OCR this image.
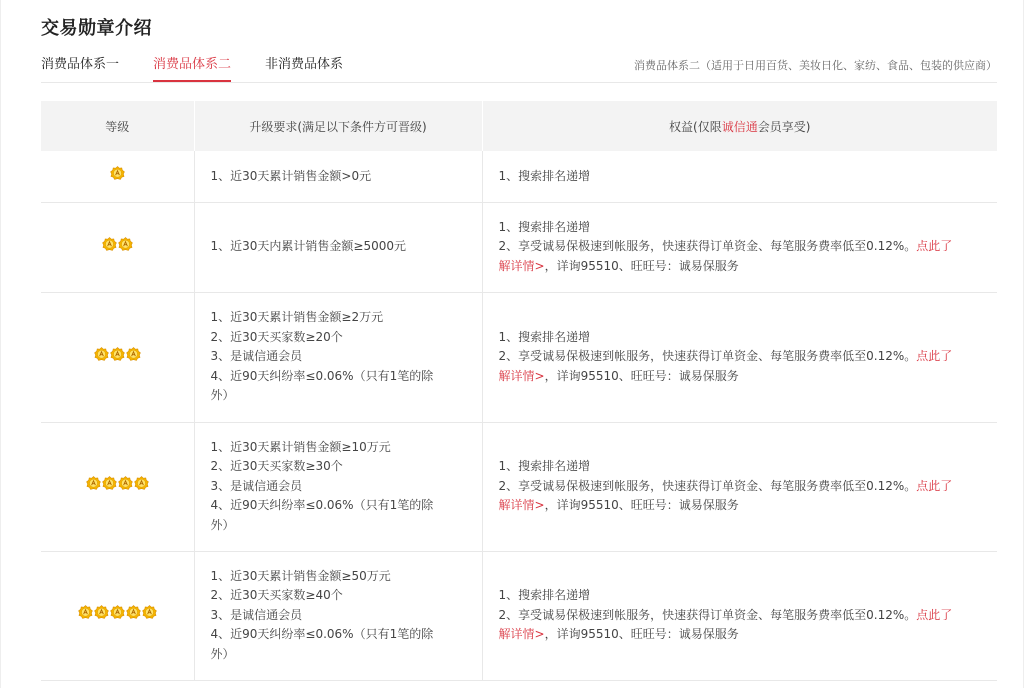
交易勋章介绍
消费品体系一	消费品体系二	非消费品体系	消费品体系二（适用于日用百货、美妆日化、家纺、食品、包装的供应商）
等级	升级要求(满足以下条件方可晋级)	权益(仅限诚信通会员享受)

1、近30天累计销售金额>0元	1、搜索排名递增

1、近30天内累计销售金额≥5000元	1、搜索排名递增
2、享受诚易保极速到帐服务，快速获得订单资金、每笔服务费率低至0.12%。点此了
解详情>，详询95510、旺旺号：诚易保服务

1、近30天累计销售金额≥2万元
2、近30天买家数≥20个
3、是诚信通会员
4、近90天纠纷率≤0.06%（只有1笔的除
外）	1、搜索排名递增
2、享受诚易保极速到帐服务，快速获得订单资金、每笔服务费率低至0.12%。点此了
解详情>，详询95510、旺旺号：诚易保服务

1、近30天累计销售金额≥10万元
2、近30天买家数≥30个
3、是诚信通会员
4、近90天纠纷率≤0.06%（只有1笔的除
外）	1、搜索排名递增
2、享受诚易保极速到帐服务，快速获得订单资金、每笔服务费率低至0.12%。点此了
解详情>，详询95510、旺旺号：诚易保服务

1、近30天累计销售金额≥50万元
2、近30天买家数≥40个
3、是诚信通会员
4、近90天纠纷率≤0.06%（只有1笔的除
外）	1、搜索排名递增
2、享受诚易保极速到帐服务，快速获得订单资金、每笔服务费率低至0.12%。点此了
解详情>，详询95510、旺旺号：诚易保服务
